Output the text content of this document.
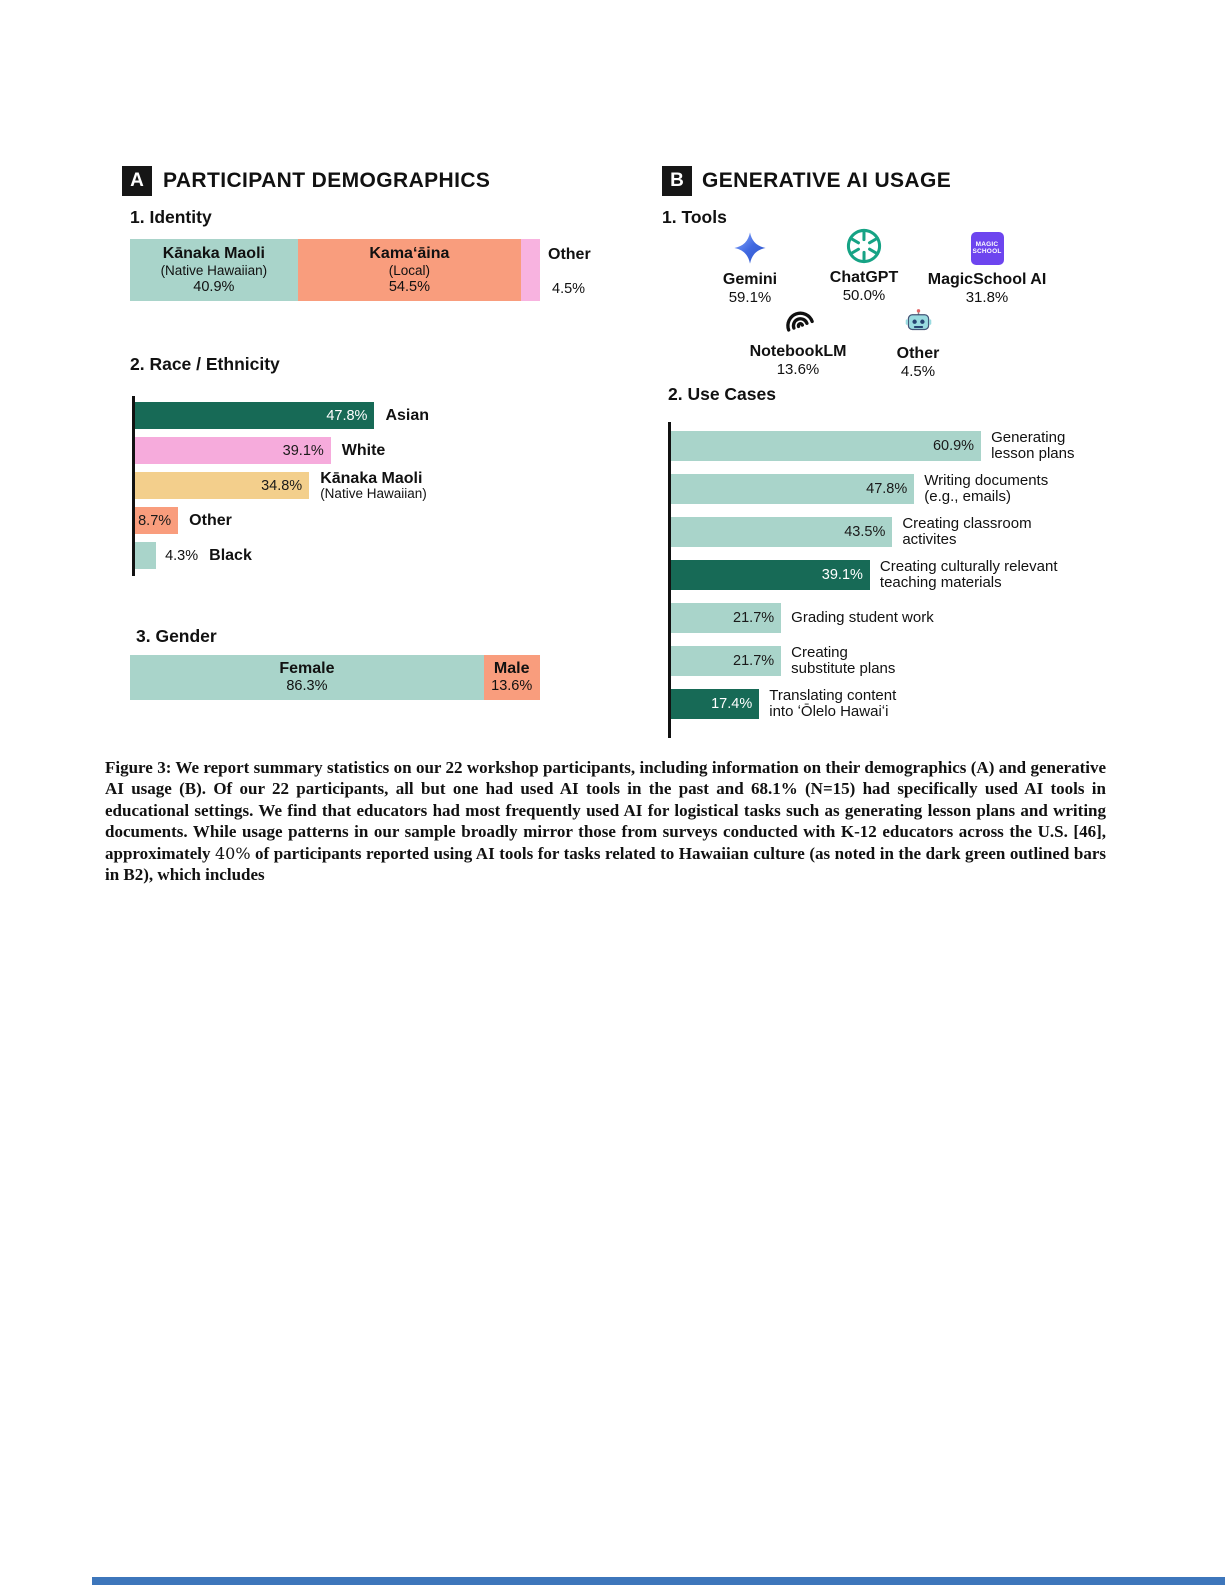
A PARTICIPANT DEMOGRAPHICS
1. Identity
Kānaka Maoli
(Native Hawaiian)
40.9%
Kamaʻāina
(Local)
54.5%
Other
4.5%
2. Race / Ethnicity
47.8% Asian
39.1% White
34.8% Kānaka Maoli
(Native Hawaiian)
8.7% Other
4.3% Black
3. Gender
Female
86.3%
Male
13.6%
B GENERATIVE AI USAGE
1. Tools
Gemini
59.1%
ChatGPT
50.0%
MAGIC
SCHOOL
MagicSchool AI
31.8%
NotebookLM
13.6%
Other
4.5%
2. Use Cases
60.9% Generating
lesson plans
47.8% Writing documents
(e.g., emails)
43.5% Creating classroom
activites
39.1% Creating culturally relevant
teaching materials
21.7% Grading student work
21.7% Creating
substitute plans
17.4% Translating content
into ʻŌlelo Hawaiʻi
Figure 3: We report summary statistics on our 22 workshop participants, including information on their demographics (A) and generative AI usage (B). Of our 22 participants, all but one had used AI tools in the past and 68.1% (N=15) had specifically used AI tools in educational settings. We find that educators had most frequently used AI for logistical tasks such as generating lesson plans and writing documents. While usage patterns in our sample broadly mirror those from surveys conducted with K-12 educators across the U.S. [46], approximately 40% of participants reported using AI tools for tasks related to Hawaiian culture (as noted in the dark green outlined bars in B2), which includes
